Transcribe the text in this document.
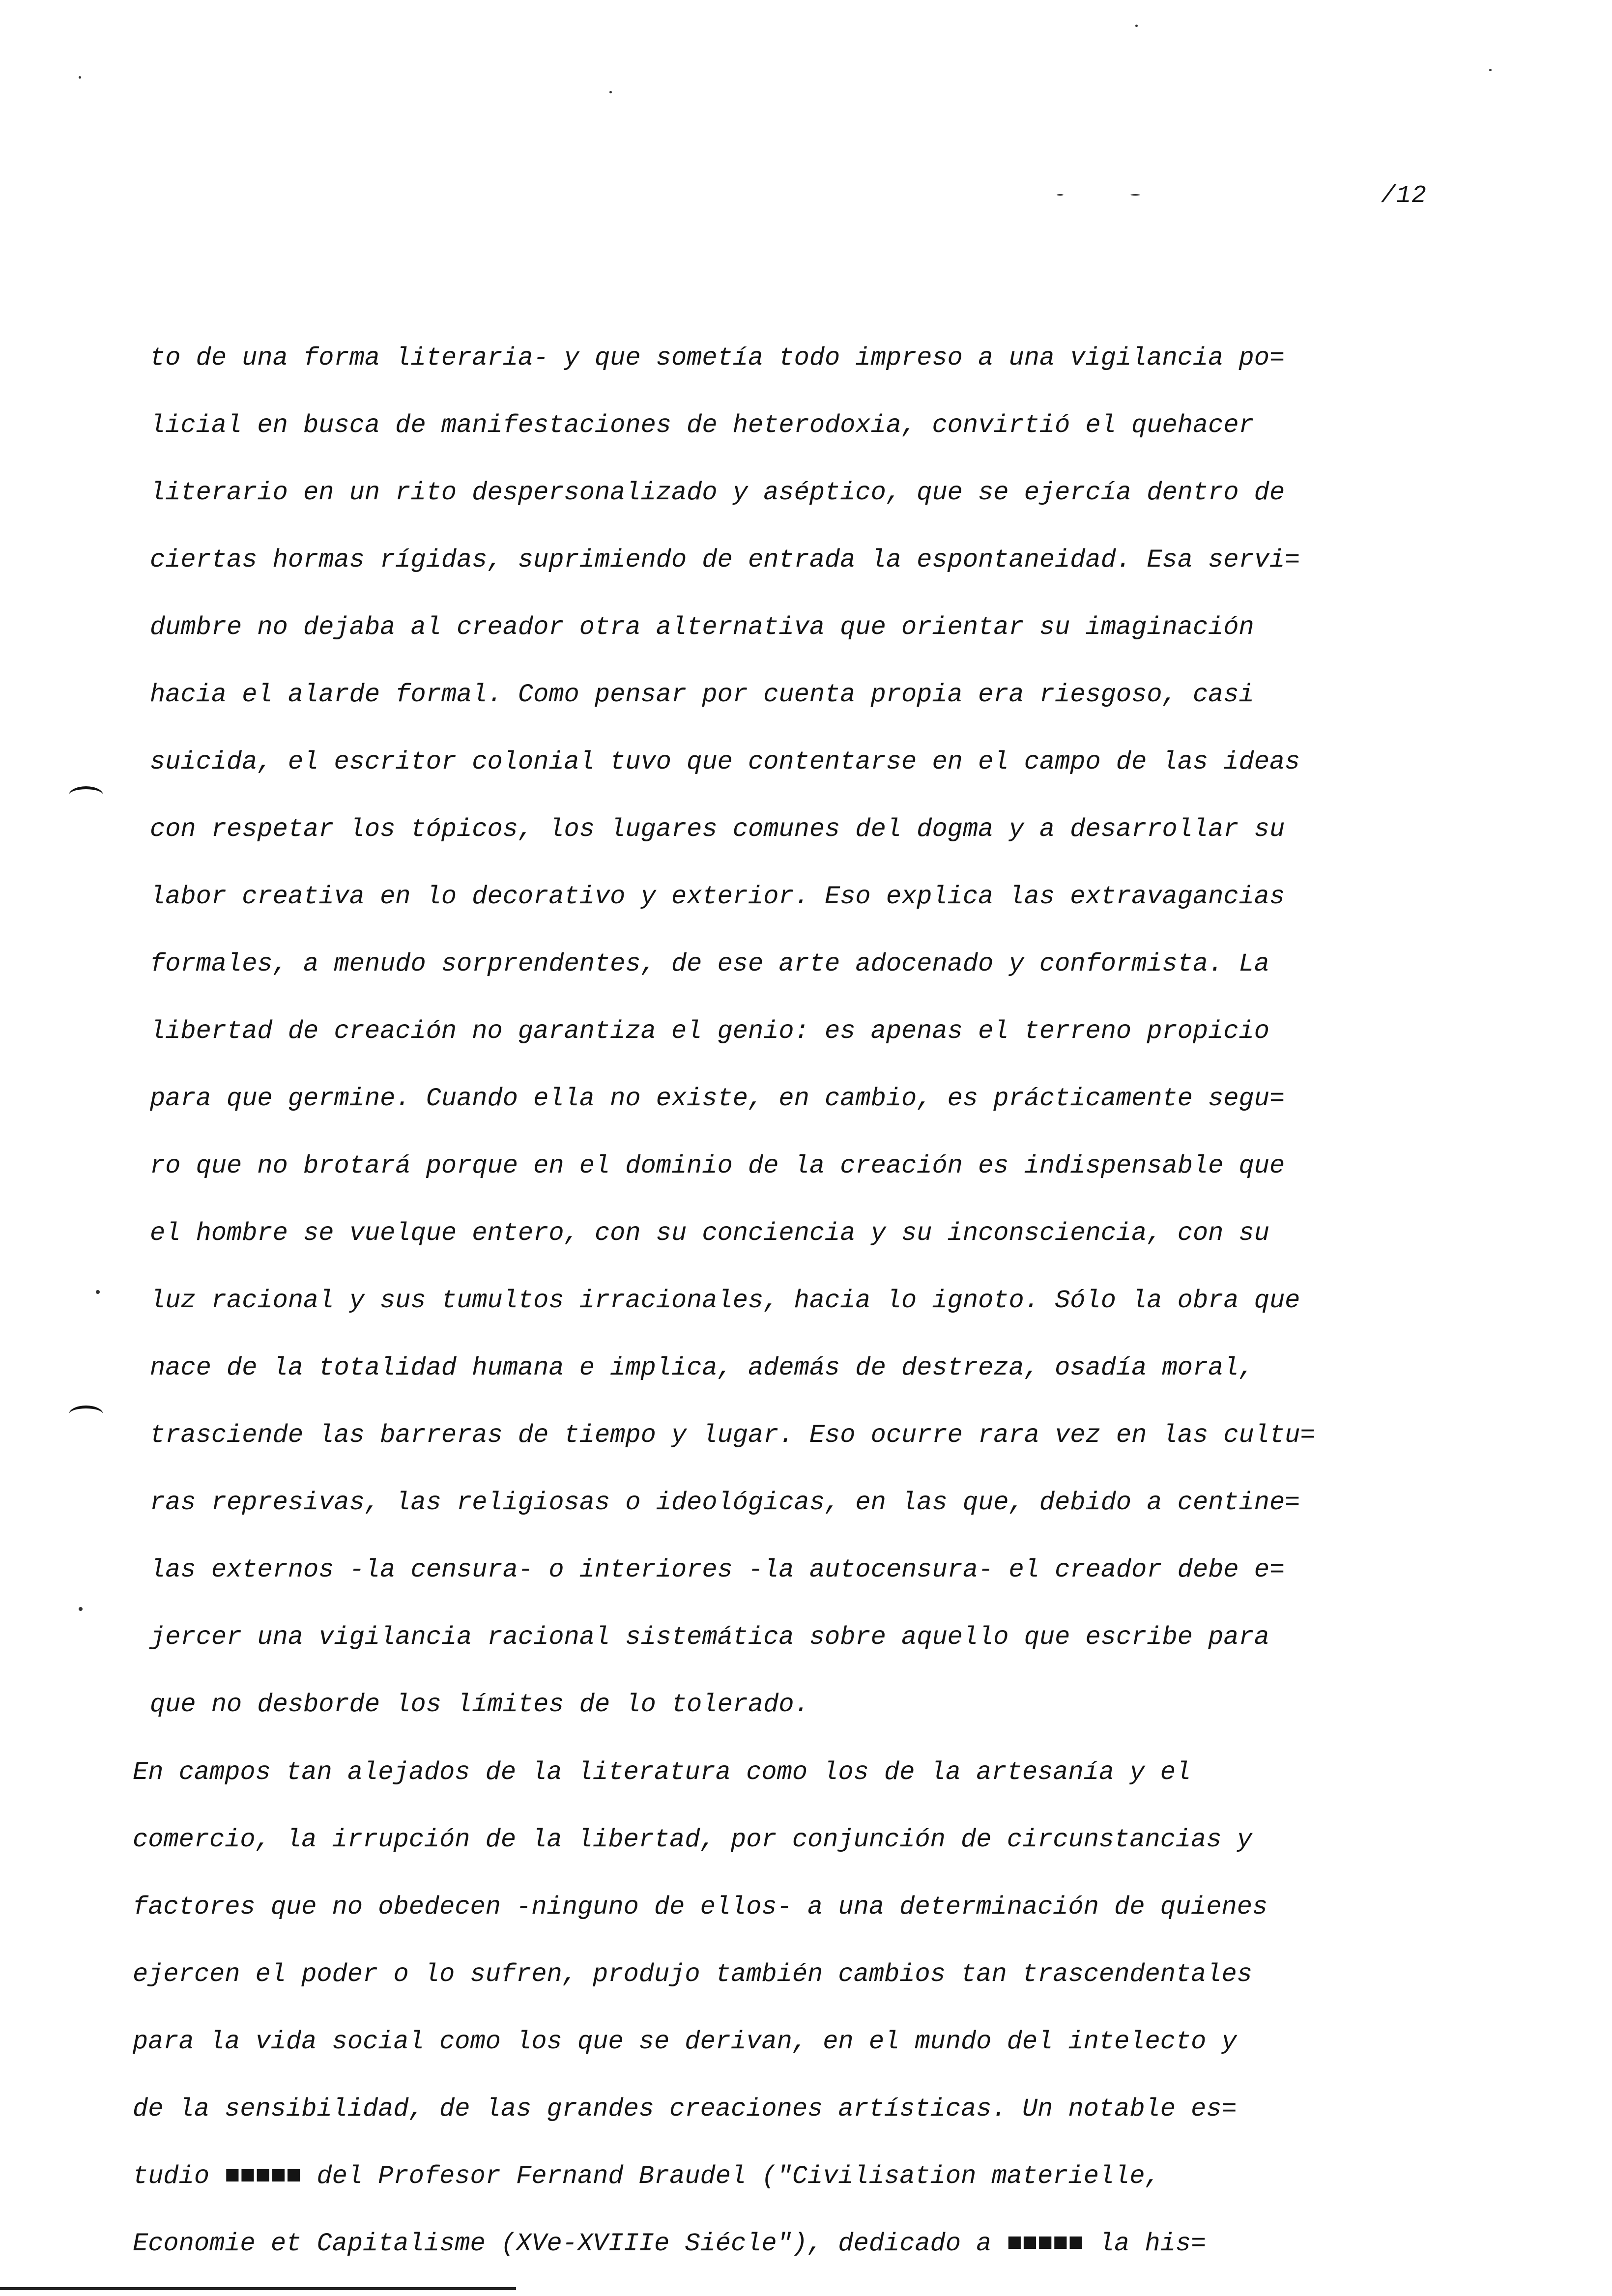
/12
to de una forma literaria- y que sometía todo impreso a una vigilancia po=
licial en busca de manifestaciones de heterodoxia, convirtió el quehacer
literario en un rito despersonalizado y aséptico, que se ejercía dentro de
ciertas hormas rígidas, suprimiendo de entrada la espontaneidad. Esa servi=
dumbre no dejaba al creador otra alternativa que orientar su imaginación
hacia el alarde formal. Como pensar por cuenta propia era riesgoso, casi
suicida, el escritor colonial tuvo que contentarse en el campo de las ideas
con respetar los tópicos, los lugares comunes del dogma y a desarrollar su
labor creativa en lo decorativo y exterior. Eso explica las extravagancias
formales, a menudo sorprendentes, de ese arte adocenado y conformista. La
libertad de creación no garantiza el genio: es apenas el terreno propicio
para que germine. Cuando ella no existe, en cambio, es prácticamente segu=
ro que no brotará porque en el dominio de la creación es indispensable que
el hombre se vuelque entero, con su conciencia y su inconsciencia, con su
luz racional y sus tumultos irracionales, hacia lo ignoto. Sólo la obra que
nace de la totalidad humana e implica, además de destreza, osadía moral,
trasciende las barreras de tiempo y lugar. Eso ocurre rara vez en las cultu=
ras represivas, las religiosas o ideológicas, en las que, debido a centine=
las externos -la censura- o interiores -la autocensura- el creador debe e=
jercer una vigilancia racional sistemática sobre aquello que escribe para
que no desborde los límites de lo tolerado.
En campos tan alejados de la literatura como los de la artesanía y el
comercio, la irrupción de la libertad, por conjunción de circunstancias y
factores que no obedecen -ninguno de ellos- a una determinación de quienes
ejercen el poder o lo sufren, produjo también cambios tan trascendentales
para la vida social como los que se derivan, en el mundo del intelecto y
de la sensibilidad, de las grandes creaciones artísticas. Un notable es=
tudio ■■■■■ del Profesor Fernand Braudel ("Civilisation materielle,
Economie et Capitalisme (XVe-XVIIIe Siécle"), dedicado a ■■■■■ la his=
